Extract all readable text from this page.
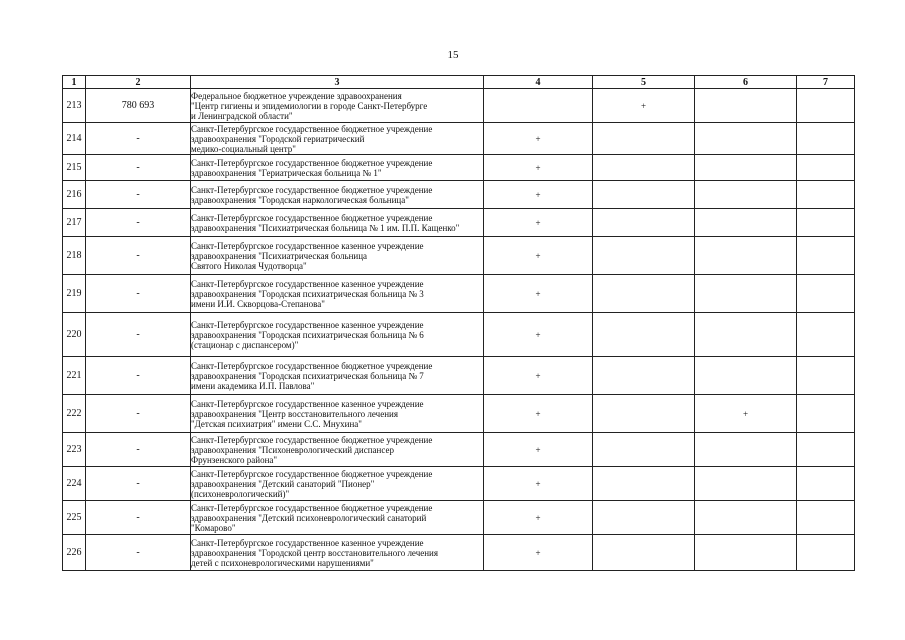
15
1	2	3	4	5	6	7
213	780 693	Федеральное бюджетное учреждение здравоохранения
"Центр гигиены и эпидемиологии в городе Санкт-Петербурге
и Ленинградской области"		+		
214	-	Санкт-Петербургское государственное бюджетное учреждение
здравоохранения "Городской гериатрический
медико-социальный центр"	+			
215	-	Санкт-Петербургское государственное бюджетное учреждение
здравоохранения "Гериатрическая больница № 1"	+			
216	-	Санкт-Петербургское государственное бюджетное учреждение
здравоохранения "Городская наркологическая больница"	+			
217	-	Санкт-Петербургское государственное бюджетное учреждение
здравоохранения "Психиатрическая больница № 1 им. П.П. Кащенко"	+			
218	-	Санкт-Петербургское государственное казенное учреждение
здравоохранения "Психиатрическая больница
Святого Николая Чудотворца"	+			
219	-	Санкт-Петербургское государственное казенное учреждение
здравоохранения "Городская психиатрическая больница № 3
имени И.И. Скворцова-Степанова"	+			
220	-	Санкт-Петербургское государственное казенное учреждение
здравоохранения "Городская психиатрическая больница № 6
(стационар с диспансером)"	+			
221	-	Санкт-Петербургское государственное бюджетное учреждение
здравоохранения "Городская психиатрическая больница № 7
имени академика И.П. Павлова"	+			
222	-	Санкт-Петербургское государственное казенное учреждение
здравоохранения "Центр восстановительного лечения
"Детская психиатрия" имени С.С. Мнухина"	+		+	
223	-	Санкт-Петербургское государственное бюджетное учреждение
здравоохранения "Психоневрологический диспансер
Фрунзенского района"	+			
224	-	Санкт-Петербургское государственное бюджетное учреждение
здравоохранения "Детский санаторий "Пионер"
(психоневрологический)"	+			
225	-	Санкт-Петербургское государственное бюджетное учреждение
здравоохранения "Детский психоневрологический санаторий
"Комарово"	+			
226	-	Санкт-Петербургское государственное казенное учреждение
здравоохранения "Городской центр восстановительного лечения
детей с психоневрологическими нарушениями"	+			
